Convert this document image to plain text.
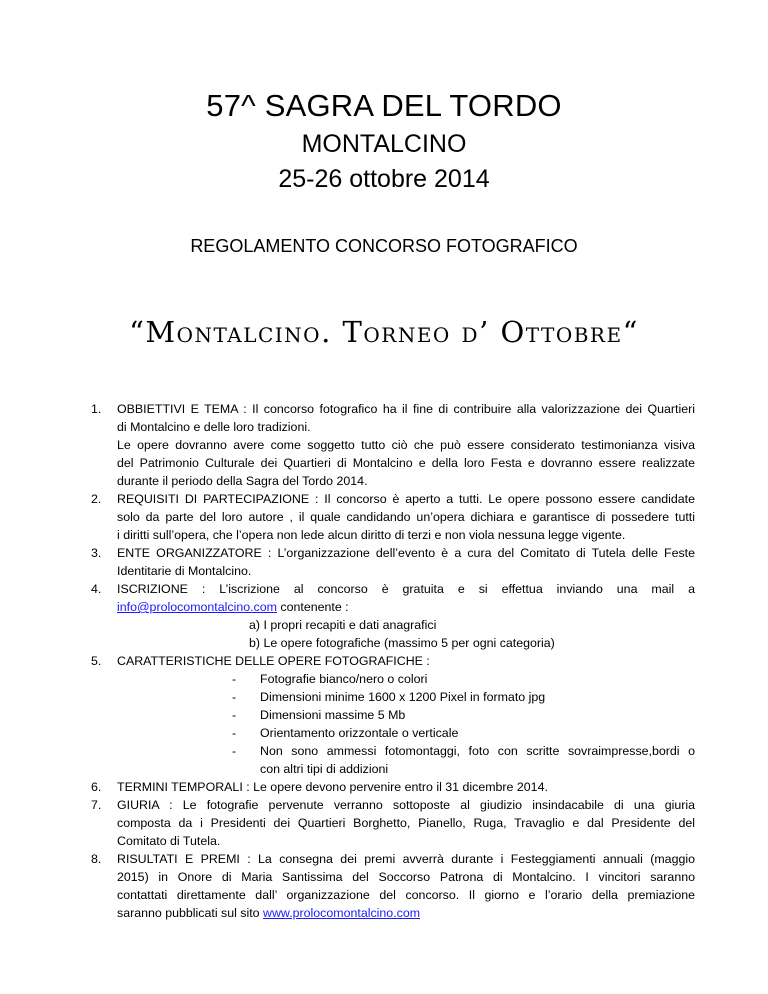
57^ SAGRA DEL TORDO
MONTALCINO
25-26 ottobre 2014
REGOLAMENTO CONCORSO FOTOGRAFICO
“Montalcino. Torneo d’ Ottobre“
1. OBBIETTIVI E TEMA : Il concorso fotografico ha il fine di contribuire alla valorizzazione dei Quartieri
di Montalcino e delle loro tradizioni.
Le opere dovranno avere come soggetto tutto ciò che può essere considerato testimonianza visiva
del Patrimonio Culturale dei Quartieri di Montalcino e della loro Festa e dovranno essere realizzate
durante il periodo della Sagra del Tordo 2014.
2. REQUISITI DI PARTECIPAZIONE : Il concorso è aperto a tutti. Le opere possono essere candidate
solo da parte del loro autore , il quale candidando un’opera dichiara e garantisce di possedere tutti
i diritti sull’opera, che l’opera non lede alcun diritto di terzi e non viola nessuna legge vigente.
3. ENTE ORGANIZZATORE : L’organizzazione dell’evento è a cura del Comitato di Tutela delle Feste
Identitarie di Montalcino.
4. ISCRIZIONE : L’iscrizione al concorso è gratuita e si effettua inviando una mail a
info@prolocomontalcino.com contenente :
a) I propri recapiti e dati anagrafici
b) Le opere fotografiche (massimo 5 per ogni categoria)
5. CARATTERISTICHE DELLE OPERE FOTOGRAFICHE :
- Fotografie bianco/nero o colori
- Dimensioni minime 1600 x 1200 Pixel in formato jpg
- Dimensioni massime 5 Mb
- Orientamento orizzontale o verticale
- Non sono ammessi fotomontaggi, foto con scritte sovraimpresse,bordi o
con altri tipi di addizioni
6. TERMINI TEMPORALI : Le opere devono pervenire entro il 31 dicembre 2014.
7. GIURIA : Le fotografie pervenute verranno sottoposte al giudizio insindacabile di una giuria
composta da i Presidenti dei Quartieri Borghetto, Pianello, Ruga, Travaglio e dal Presidente del
Comitato di Tutela.
8. RISULTATI E PREMI : La consegna dei premi avverrà durante i Festeggiamenti annuali (maggio
2015) in Onore di Maria Santissima del Soccorso Patrona di Montalcino. I vincitori saranno
contattati direttamente dall’ organizzazione del concorso. Il giorno e l’orario della premiazione
saranno pubblicati sul sito www.prolocomontalcino.com
